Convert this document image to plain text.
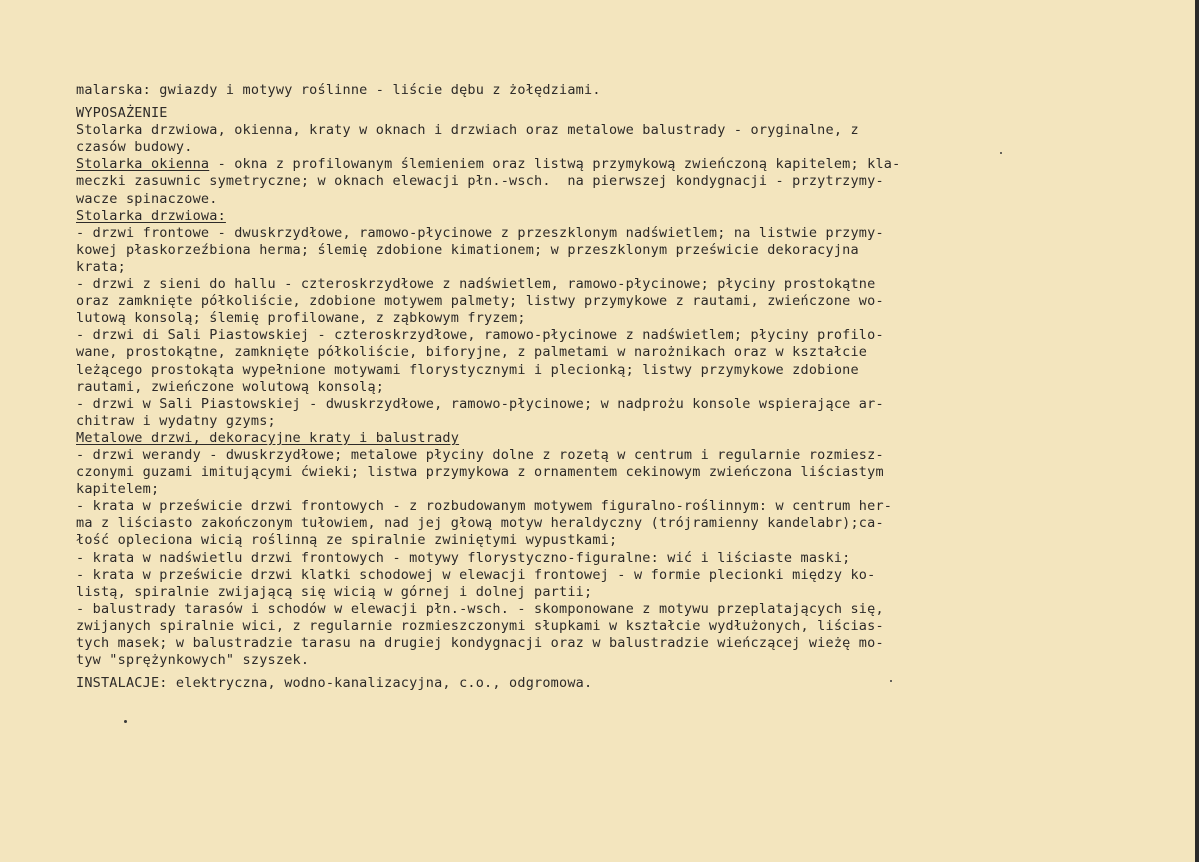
malarska: gwiazdy i motywy roślinne - liście dębu z żołędziami.
WYPOSAŻENIE
Stolarka drzwiowa, okienna, kraty w oknach i drzwiach oraz metalowe balustrady - oryginalne, z
czasów budowy.
Stolarka okienna - okna z profilowanym ślemieniem oraz listwą przymykową zwieńczoną kapitelem; kla-
meczki zasuwnic symetryczne; w oknach elewacji płn.-wsch.  na pierwszej kondygnacji - przytrzymy-
wacze spinaczowe.
Stolarka drzwiowa:
- drzwi frontowe - dwuskrzydłowe, ramowo-płycinowe z przeszklonym nadświetlem; na listwie przymy-
kowej płaskorzeźbiona herma; ślemię zdobione kimationem; w przeszklonym prześwicie dekoracyjna
krata;
- drzwi z sieni do hallu - czteroskrzydłowe z nadświetlem, ramowo-płycinowe; płyciny prostokątne
oraz zamknięte półkoliście, zdobione motywem palmety; listwy przymykowe z rautami, zwieńczone wo-
lutową konsolą; ślemię profilowane, z ząbkowym fryzem;
- drzwi di Sali Piastowskiej - czteroskrzydłowe, ramowo-płycinowe z nadświetlem; płyciny profilo-
wane, prostokątne, zamknięte półkoliście, biforyjne, z palmetami w narożnikach oraz w kształcie
leżącego prostokąta wypełnione motywami florystycznymi i plecionką; listwy przymykowe zdobione
rautami, zwieńczone wolutową konsolą;
- drzwi w Sali Piastowskiej - dwuskrzydłowe, ramowo-płycinowe; w nadprożu konsole wspierające ar-
chitraw i wydatny gzyms;
Metalowe drzwi, dekoracyjne kraty i balustrady
- drzwi werandy - dwuskrzydłowe; metalowe płyciny dolne z rozetą w centrum i regularnie rozmiesz-
czonymi guzami imitującymi ćwieki; listwa przymykowa z ornamentem cekinowym zwieńczona liściastym
kapitelem;
- krata w prześwicie drzwi frontowych - z rozbudowanym motywem figuralno-roślinnym: w centrum her-
ma z liściasto zakończonym tułowiem, nad jej głową motyw heraldyczny (trójramienny kandelabr);ca-
łość opleciona wicią roślinną ze spiralnie zwiniętymi wypustkami;
- krata w nadświetlu drzwi frontowych - motywy florystyczno-figuralne: wić i liściaste maski;
- krata w prześwicie drzwi klatki schodowej w elewacji frontowej - w formie plecionki między ko-
listą, spiralnie zwijającą się wicią w górnej i dolnej partii;
- balustrady tarasów i schodów w elewacji płn.-wsch. - skomponowane z motywu przeplatających się,
zwijanych spiralnie wici, z regularnie rozmieszczonymi słupkami w kształcie wydłużonych, liścias-
tych masek; w balustradzie tarasu na drugiej kondygnacji oraz w balustradzie wieńczącej wieżę mo-
tyw "sprężynkowych" szyszek.
INSTALACJE: elektryczna, wodno-kanalizacyjna, c.o., odgromowa.
